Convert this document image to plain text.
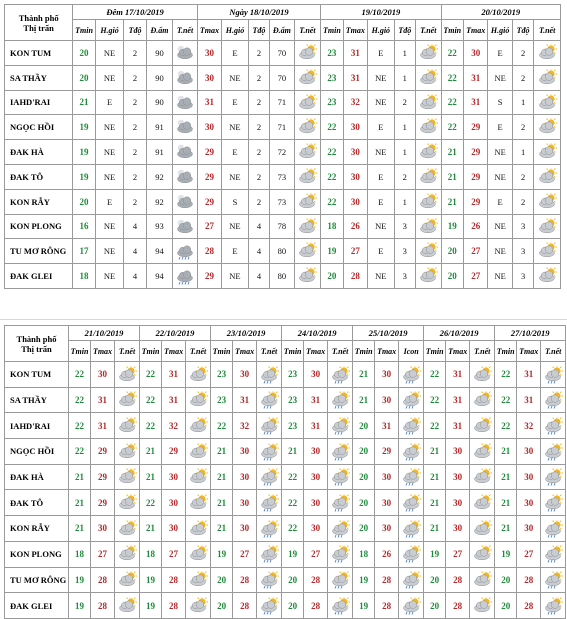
Thành phố
Thị trấn	Đêm 17/10/2019					Ngày 18/10/2019					19/10/2019					20/10/2019				
	Tmin	H.gió	Tđộ	Đ.ẩm	T.nết	Tmax	H.gió	Tđộ	Đ.ẩm	T.nết	Tmin	Tmax	H.gió	Tđộ	T.nết	Tmin	Tmax	H.gió	Tđộ	T.nết
KON TUM	20	NE	2	90		30	E	2	70		23	31	E	1		22	30	E	2	
SA THẦY	20	NE	2	90		30	NE	2	70		23	31	NE	1		22	31	NE	2	
IAHD'RAI	21	E	2	90		31	E	2	71		23	32	NE	2		22	31	S	1	
NGỌC HỒI	19	NE	2	91		30	NE	2	71		22	30	E	1		22	29	E	2	
ĐAK HÀ	19	NE	2	91		29	E	2	72		22	30	NE	1		21	29	NE	1	
ĐAK TÔ	19	NE	2	92		29	NE	2	73		22	30	E	2		21	29	NE	2	
KON RẪY	20	E	2	92		29	S	2	73		22	30	E	1		21	29	E	2	
KON PLONG	16	NE	4	93		27	NE	4	78		18	26	NE	3		19	26	NE	3	
TU MƠ RÔNG	17	NE	4	94		28	E	4	80		19	27	E	3		20	27	NE	3	
ĐAK GLEI	18	NE	4	94		29	NE	4	80		20	28	NE	3		20	27	NE	3	
Thành phố
Thị trấn	21/10/2019			22/10/2019			23/10/2019			24/10/2019			25/10/2019			26/10/2019			27/10/2019		
	Tmin	Tmax	T.nết	Tmin	Tmax	T.nết	Tmin	Tmax	T.nết	Tmin	Tmax	T.nết	Tmin	Tmax	Icon	Tmin	Tmax	T.nết	Tmin	Tmax	T.nết
KON TUM	22	30		22	31		23	30		23	30		21	30		22	31		22	31	
SA THẦY	22	31		22	31		23	31		23	31		21	30		22	31		22	31	
IAHD'RAI	22	31		22	32		22	32		23	31		20	31		22	31		22	32	
NGỌC HỒI	22	29		21	29		21	30		21	30		20	29		21	30		21	30	
ĐAK HÀ	21	29		21	30		21	30		22	30		20	30		21	30		21	30	
ĐAK TÔ	21	29		22	30		21	30		22	30		20	30		21	30		21	30	
KON RẪY	21	30		21	30		21	30		22	30		20	30		21	30		21	30	
KON PLONG	18	27		18	27		19	27		19	27		18	26		19	27		19	27	
TU MƠ RÔNG	19	28		19	28		20	28		20	28		19	28		20	28		20	28	
ĐAK GLEI	19	28		19	28		20	28		20	28		19	28		20	28		20	28	
